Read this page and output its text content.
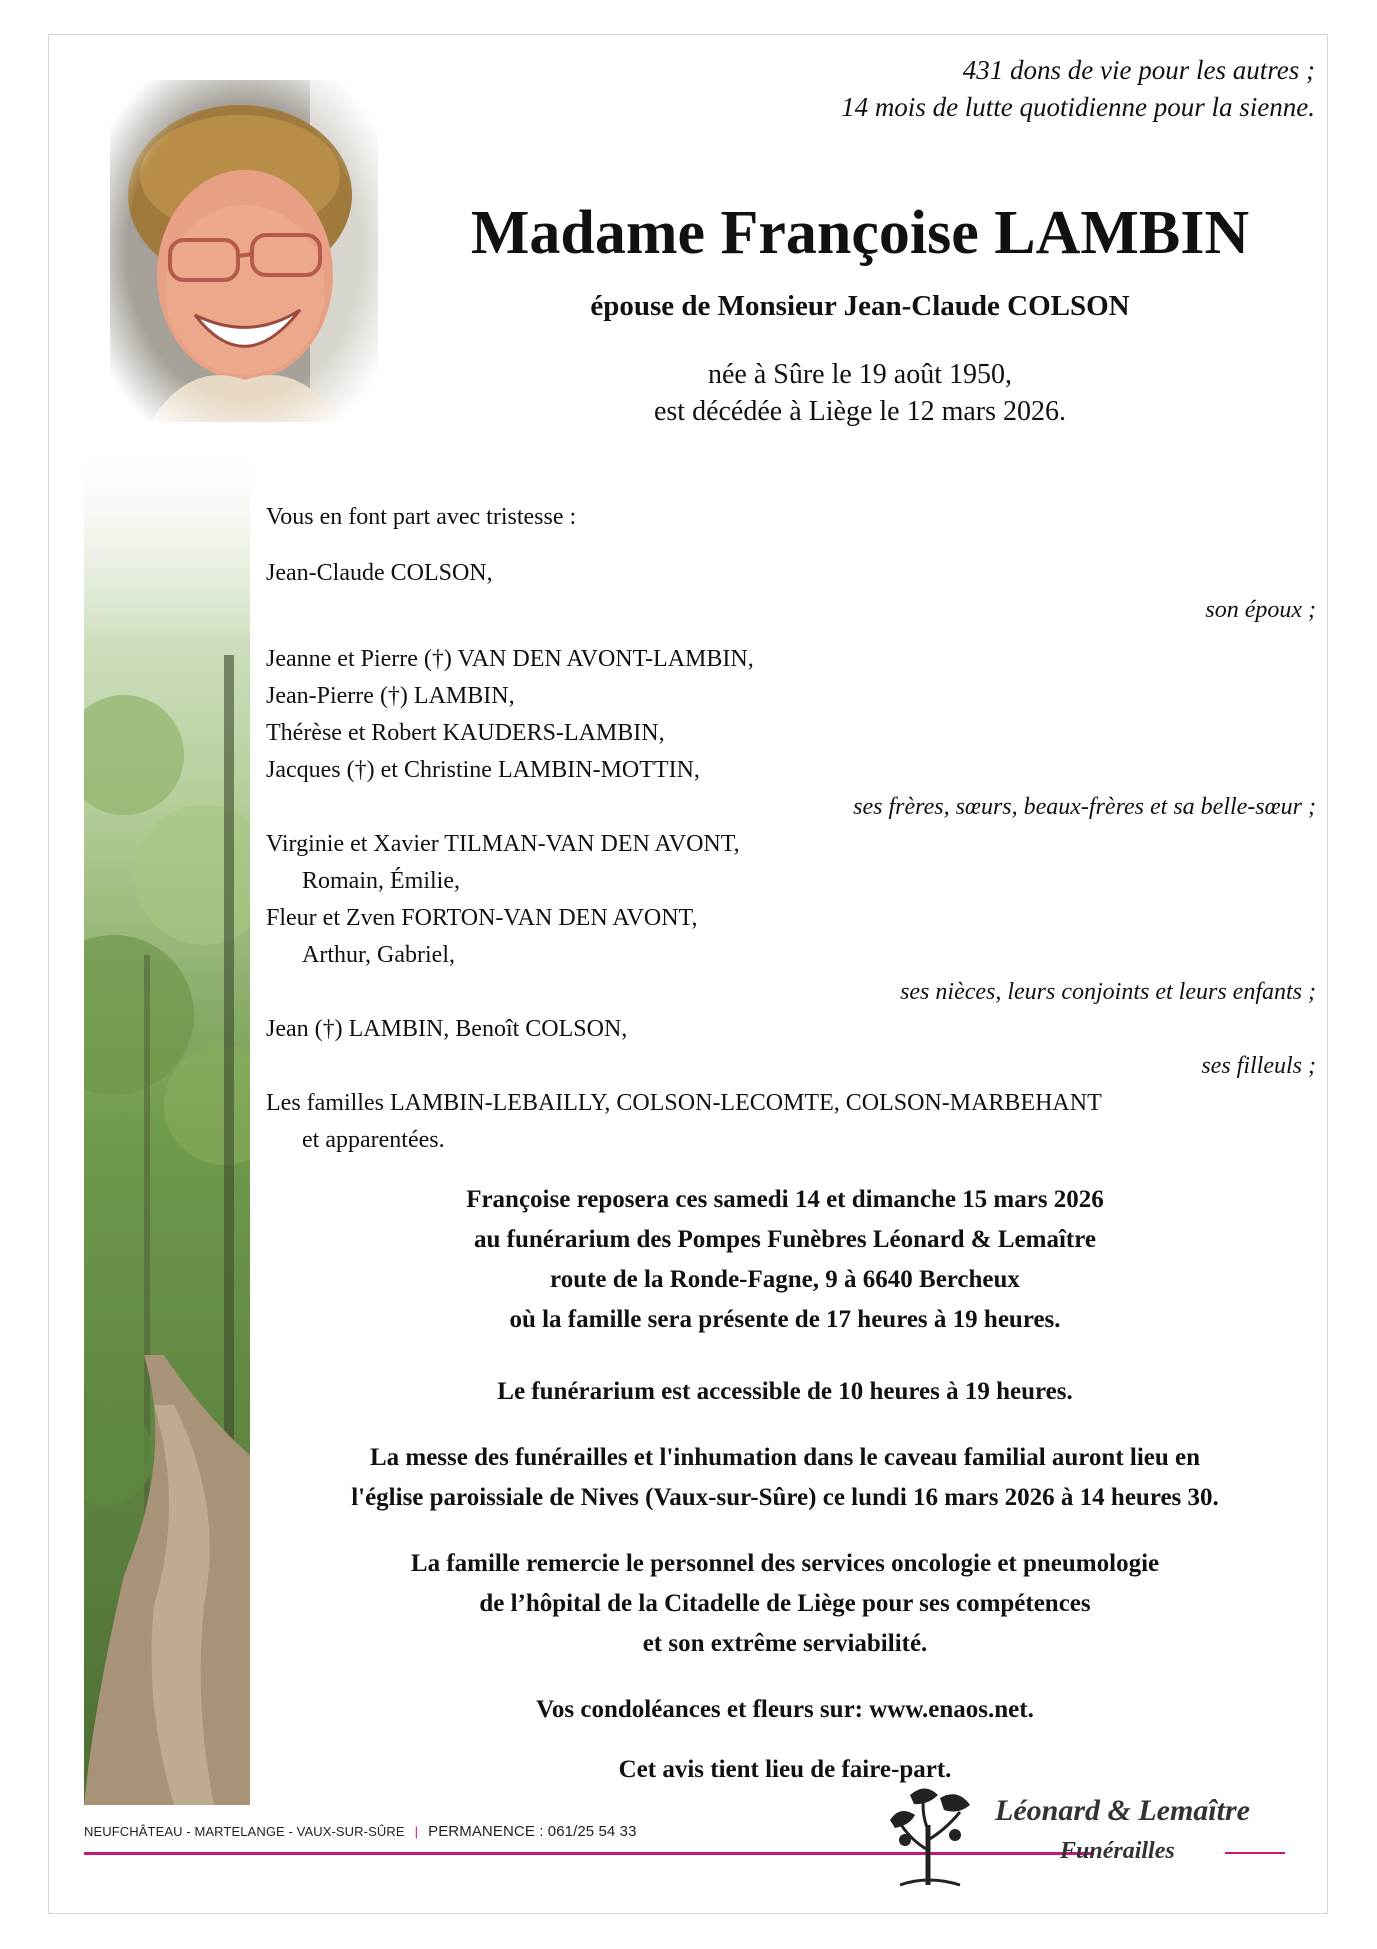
431 dons de vie pour les autres ;
14 mois de lutte quotidienne pour la sienne.
Madame Françoise LAMBIN
épouse de Monsieur Jean-Claude COLSON
née à Sûre le 19 août 1950,
est décédée à Liège le 12 mars 2026.
Vous en font part avec tristesse :
Jean-Claude COLSON,
son époux ;
Jeanne et Pierre (†) VAN DEN AVONT-LAMBIN,
Jean-Pierre (†) LAMBIN,
Thérèse et Robert KAUDERS-LAMBIN,
Jacques (†) et Christine LAMBIN-MOTTIN,
ses frères, sœurs, beaux-frères et sa belle-sœur ;
Virginie et Xavier TILMAN-VAN DEN AVONT,
Romain, Émilie,
Fleur et Zven FORTON-VAN DEN AVONT,
Arthur, Gabriel,
ses nièces, leurs conjoints et leurs enfants ;
Jean (†) LAMBIN, Benoît COLSON,
ses filleuls ;
Les familles LAMBIN-LEBAILLY, COLSON-LECOMTE, COLSON-MARBEHANT
et apparentées.
Françoise reposera ces samedi 14 et dimanche 15 mars 2026
au funérarium des Pompes Funèbres Léonard & Lemaître
route de la Ronde-Fagne, 9 à 6640 Bercheux
où la famille sera présente de 17 heures à 19 heures.
Le funérarium est accessible de 10 heures à 19 heures.
La messe des funérailles et l'inhumation dans le caveau familial auront lieu en
l'église paroissiale de Nives (Vaux-sur-Sûre) ce lundi 16 mars 2026 à 14 heures 30.
La famille remercie le personnel des services oncologie et pneumologie
de l’hôpital de la Citadelle de Liège pour ses compétences
et son extrême serviabilité.
Vos condoléances et fleurs sur: www.enaos.net.
Cet avis tient lieu de faire-part.
NEUFCHÂTEAU - MARTELANGE - VAUX-SUR-SÛRE | PERMANENCE : 061/25 54 33
Léonard & Lemaître
Funérailles
